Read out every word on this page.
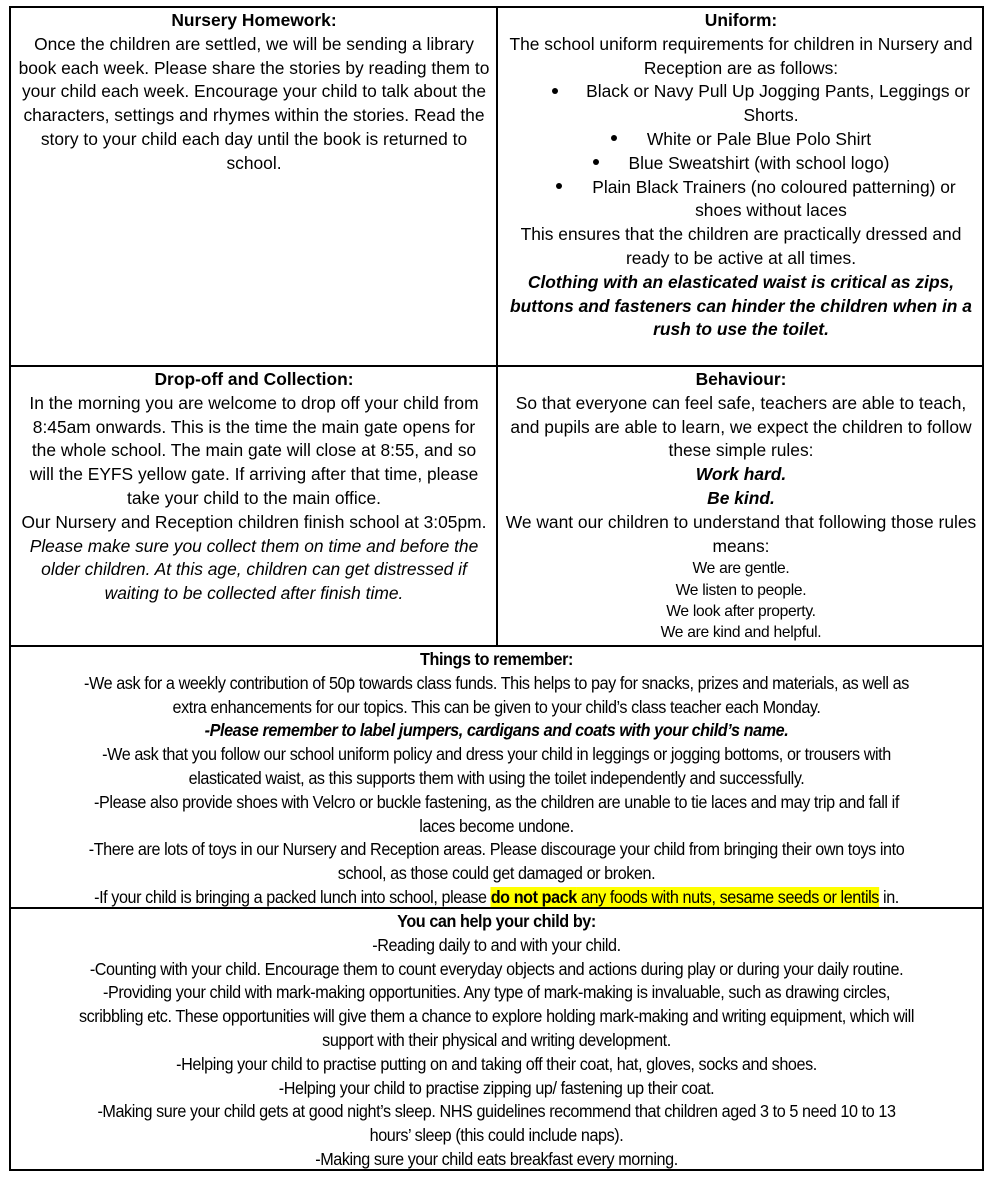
Nursery Homework:
Once the children are settled, we will be sending a library
book each week. Please share the stories by reading them to
your child each week. Encourage your child to talk about the
characters, settings and rhymes within the stories. Read the
story to your child each day until the book is returned to
school.
Uniform:
The school uniform requirements for children in Nursery and
Reception are as follows:
Black or Navy Pull Up Jogging Pants, Leggings or
Shorts.
White or Pale Blue Polo Shirt
Blue Sweatshirt (with school logo)
Plain Black Trainers (no coloured patterning) or
shoes without laces
This ensures that the children are practically dressed and
ready to be active at all times.
Clothing with an elasticated waist is critical as zips,
buttons and fasteners can hinder the children when in a
rush to use the toilet.
Drop-off and Collection:
In the morning you are welcome to drop off your child from
8:45am onwards. This is the time the main gate opens for
the whole school. The main gate will close at 8:55, and so
will the EYFS yellow gate. If arriving after that time, please
take your child to the main office.
Our Nursery and Reception children finish school at 3:05pm.
Please make sure you collect them on time and before the
older children. At this age, children can get distressed if
waiting to be collected after finish time.
Behaviour:
So that everyone can feel safe, teachers are able to teach,
and pupils are able to learn, we expect the children to follow
these simple rules:
Work hard.
Be kind.
We want our children to understand that following those rules
means:
We are gentle.
We listen to people.
We look after property.
We are kind and helpful.
Things to remember:
-We ask for a weekly contribution of 50p towards class funds. This helps to pay for snacks, prizes and materials, as well as
extra enhancements for our topics. This can be given to your child’s class teacher each Monday.
-Please remember to label jumpers, cardigans and coats with your child’s name.
-We ask that you follow our school uniform policy and dress your child in leggings or jogging bottoms, or trousers with
elasticated waist, as this supports them with using the toilet independently and successfully.
-Please also provide shoes with Velcro or buckle fastening, as the children are unable to tie laces and may trip and fall if
laces become undone.
-There are lots of toys in our Nursery and Reception areas. Please discourage your child from bringing their own toys into
school, as those could get damaged or broken.
-If your child is bringing a packed lunch into school, please do not pack any foods with nuts, sesame seeds or lentils in.
You can help your child by:
-Reading daily to and with your child.
-Counting with your child. Encourage them to count everyday objects and actions during play or during your daily routine.
-Providing your child with mark-making opportunities. Any type of mark-making is invaluable, such as drawing circles,
scribbling etc. These opportunities will give them a chance to explore holding mark-making and writing equipment, which will
support with their physical and writing development.
-Helping your child to practise putting on and taking off their coat, hat, gloves, socks and shoes.
-Helping your child to practise zipping up/ fastening up their coat.
-Making sure your child gets at good night’s sleep. NHS guidelines recommend that children aged 3 to 5 need 10 to 13
hours’ sleep (this could include naps).
-Making sure your child eats breakfast every morning.
